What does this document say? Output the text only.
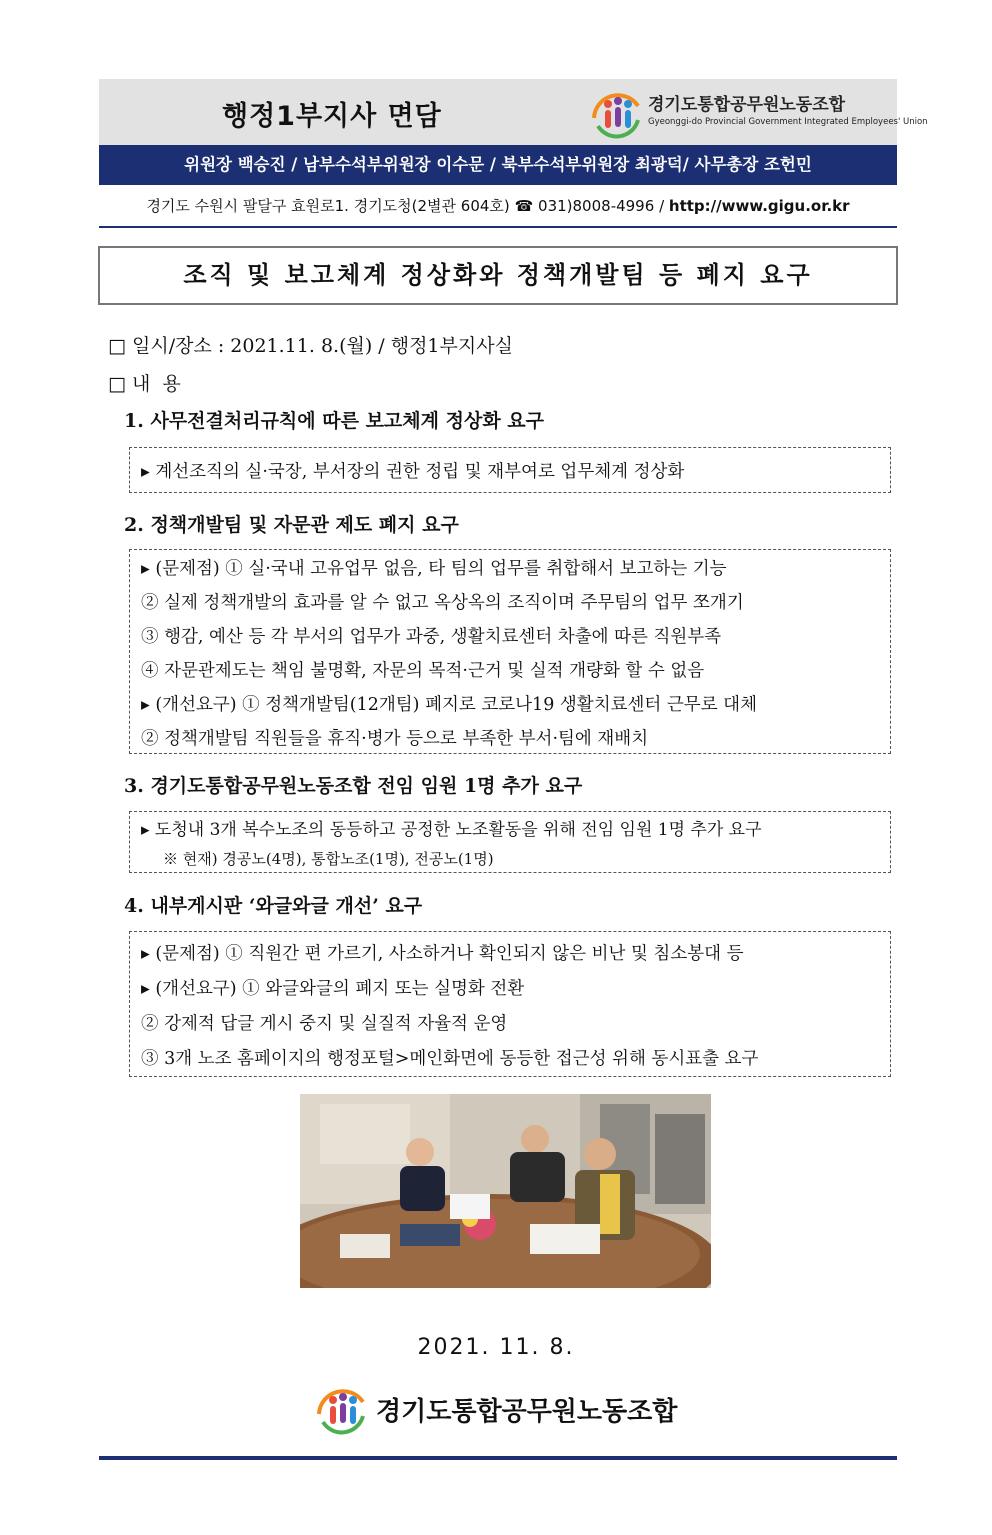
행정1부지사 면담	경기도통합공무원노동조합
Gyeonggi-do Provincial Government Integrated Employees' Union
위원장 백승진 / 남부수석부위원장 이수문 / 북부수석부위원장 최광덕/ 사무총장 조헌민
경기도 수원시 팔달구 효원로1. 경기도청(2별관 604호) ☎ 031)8008-4996 / http://www.gigu.or.kr
조직 및 보고체계 정상화와 정책개발팀 등 폐지 요구
□ 일시/장소 : 2021.11. 8.(월) / 행정1부지사실
□ 내  용
1. 사무전결처리규칙에 따른 보고체계 정상화 요구
▸ 계선조직의 실·국장, 부서장의 권한 정립 및 재부여로 업무체계 정상화
2. 정책개발팀 및 자문관 제도 폐지 요구
▸ (문제점) ① 실·국내 고유업무 없음, 타 팀의 업무를 취합해서 보고하는 기능
② 실제 정책개발의 효과를 알 수 없고 옥상옥의 조직이며 주무팀의 업무 쪼개기
③ 행감, 예산 등 각 부서의 업무가 과중, 생활치료센터 차출에 따른 직원부족
④ 자문관제도는 책임 불명확, 자문의 목적·근거 및 실적 개량화 할 수 없음
▸ (개선요구) ① 정책개발팀(12개팀) 폐지로 코로나19 생활치료센터 근무로 대체
② 정책개발팀 직원들을 휴직·병가 등으로 부족한 부서·팀에 재배치
3. 경기도통합공무원노동조합 전임 임원 1명 추가 요구
▸ 도청내 3개 복수노조의 동등하고 공정한 노조활동을 위해 전임 임원 1명 추가 요구
※ 현재) 경공노(4명), 통합노조(1명), 전공노(1명)
4. 내부게시판 ‘와글와글 개선’ 요구
▸ (문제점) ① 직원간 편 가르기, 사소하거나 확인되지 않은 비난 및 침소봉대 등
▸ (개선요구) ① 와글와글의 폐지 또는 실명화 전환
② 강제적 답글 게시 중지 및 실질적 자율적 운영
③ 3개 노조 홈페이지의 행정포털>메인화면에 동등한 접근성 위해 동시표출 요구
2021. 11. 8.
경기도통합공무원노동조합
